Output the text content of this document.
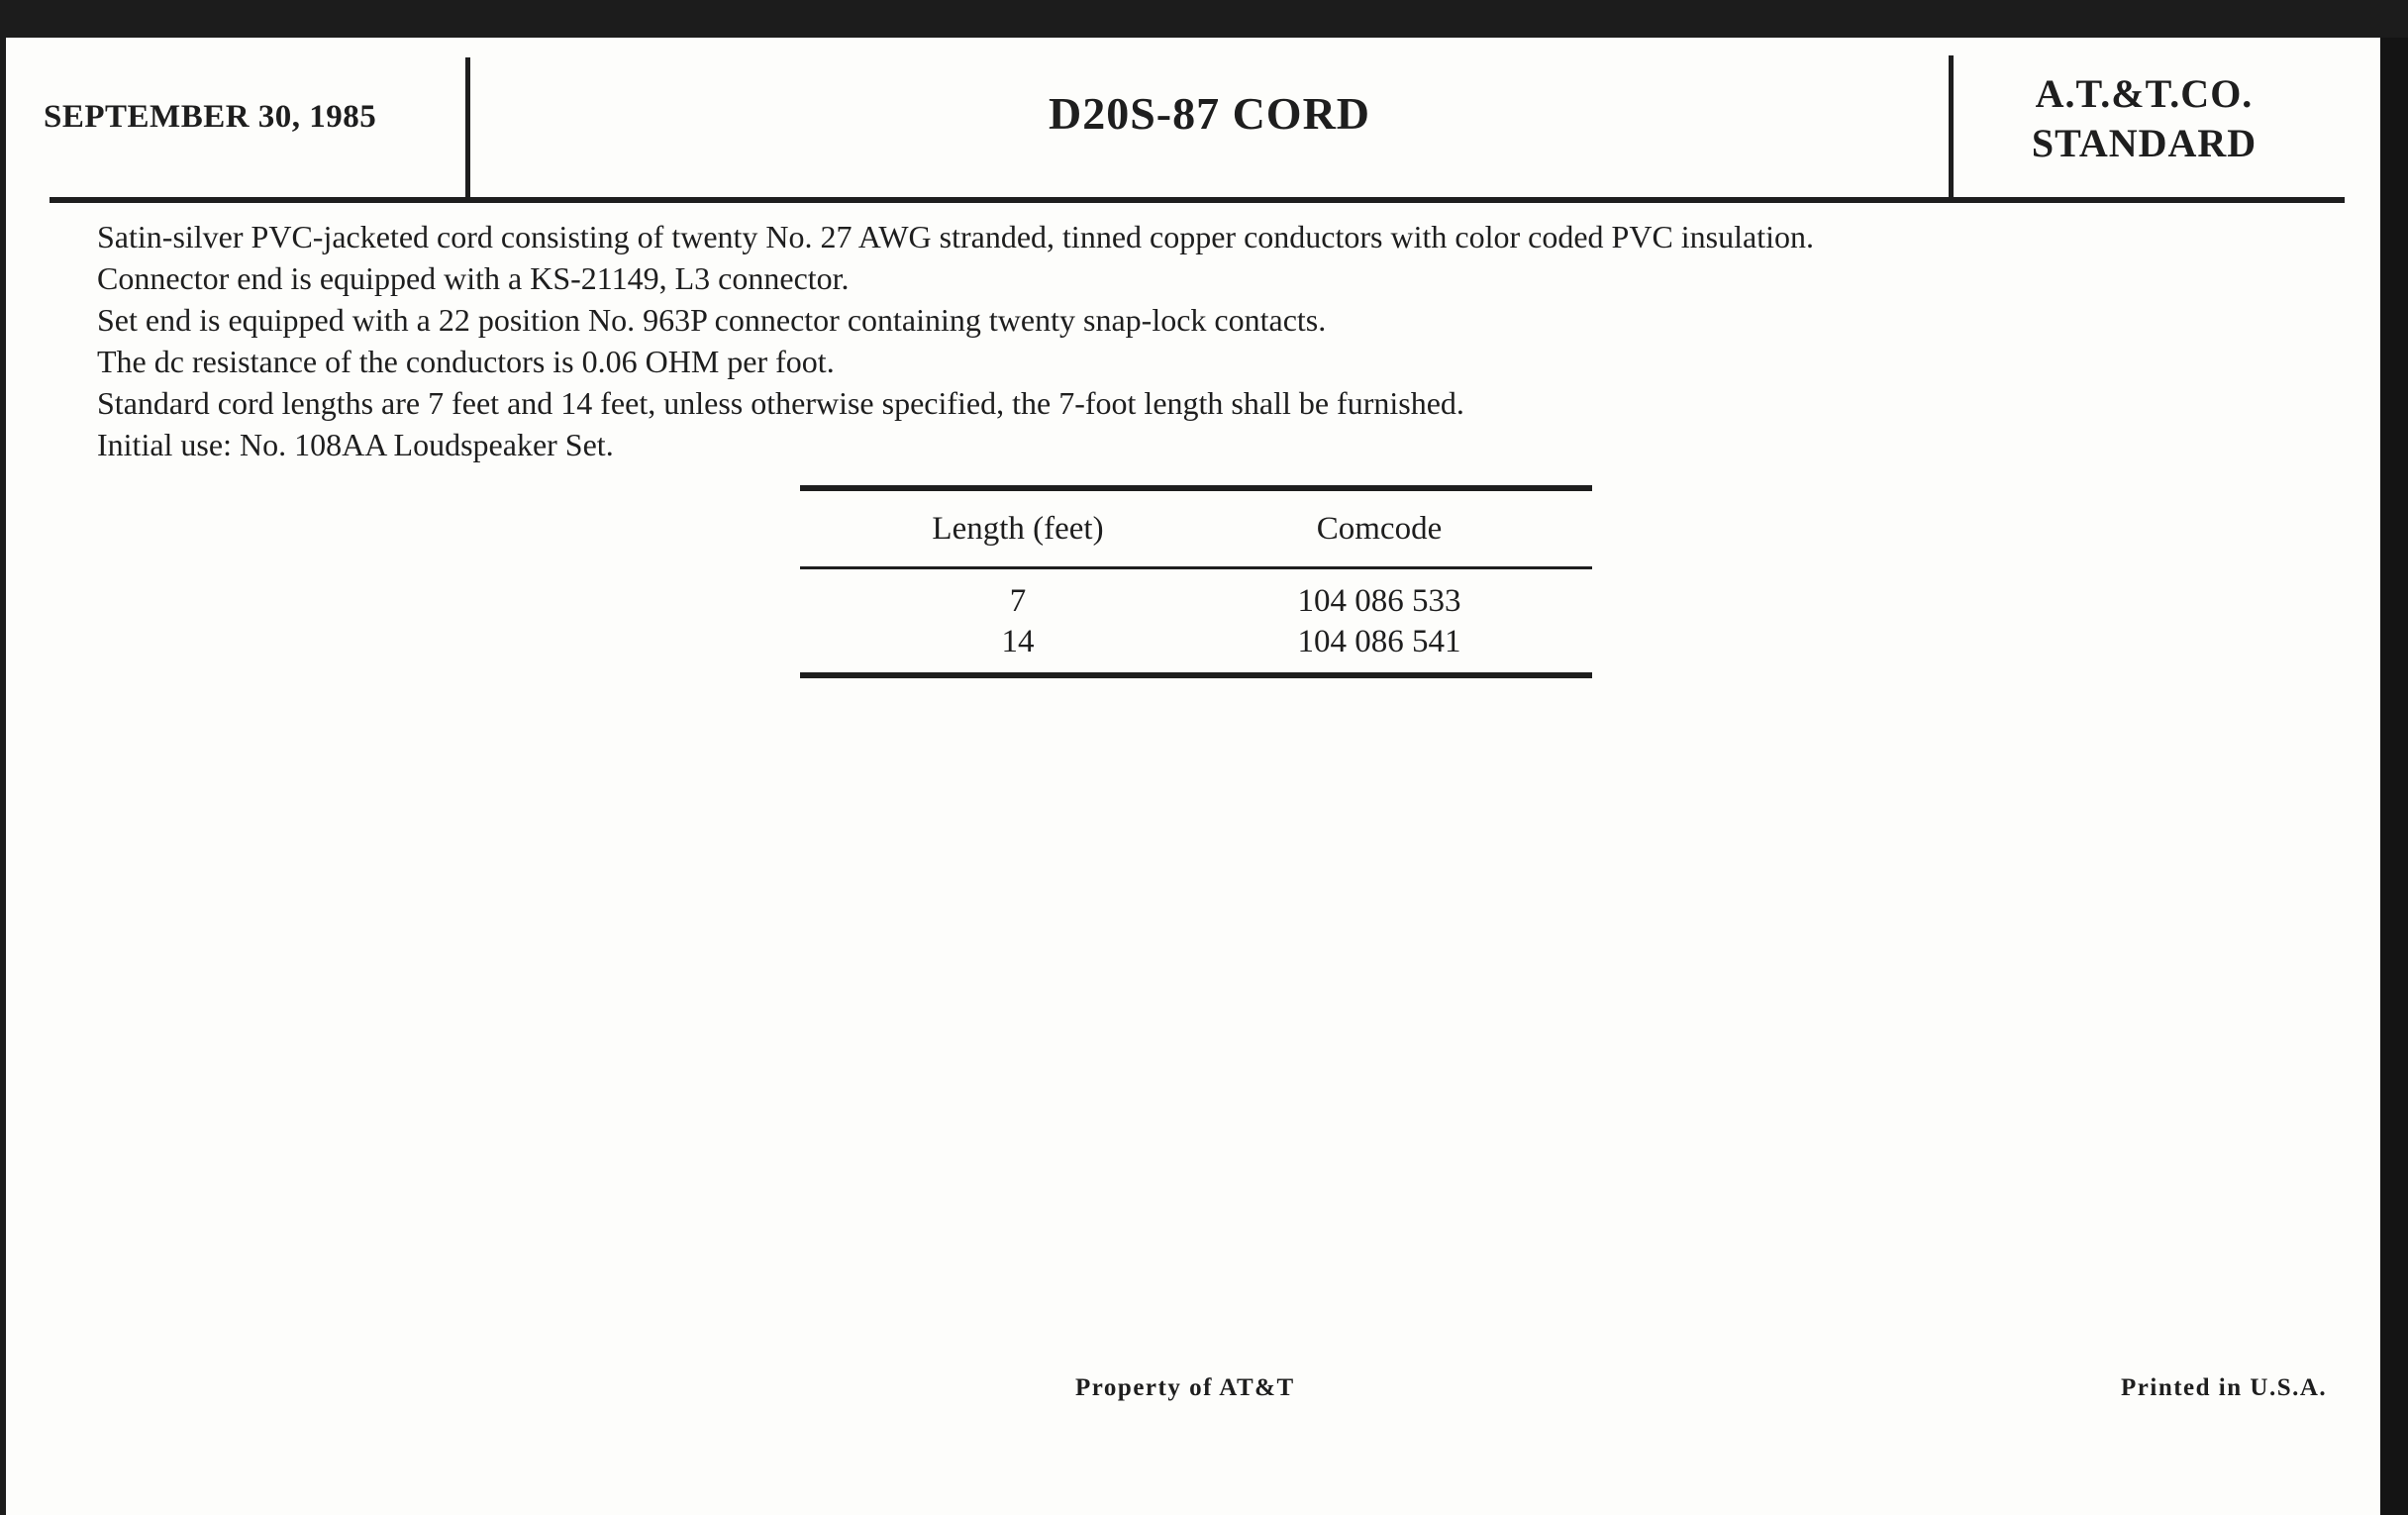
SEPTEMBER 30, 1985	D20S-87 CORD	A.T.&T.CO.
STANDARD
Satin-silver PVC-jacketed cord consisting of twenty No. 27 AWG stranded, tinned copper conductors with color coded PVC insulation.
Connector end is equipped with a KS-21149, L3 connector.
Set end is equipped with a 22 position No. 963P connector containing twenty snap-lock contacts.
The dc resistance of the conductors is 0.06 OHM per foot.
Standard cord lengths are 7 feet and 14 feet, unless otherwise specified, the 7-foot length shall be furnished.
Initial use: No. 108AA Loudspeaker Set.
Length (feet)	Comcode
7	104 086 533
14	104 086 541
Property of AT&T	Printed in U.S.A.
